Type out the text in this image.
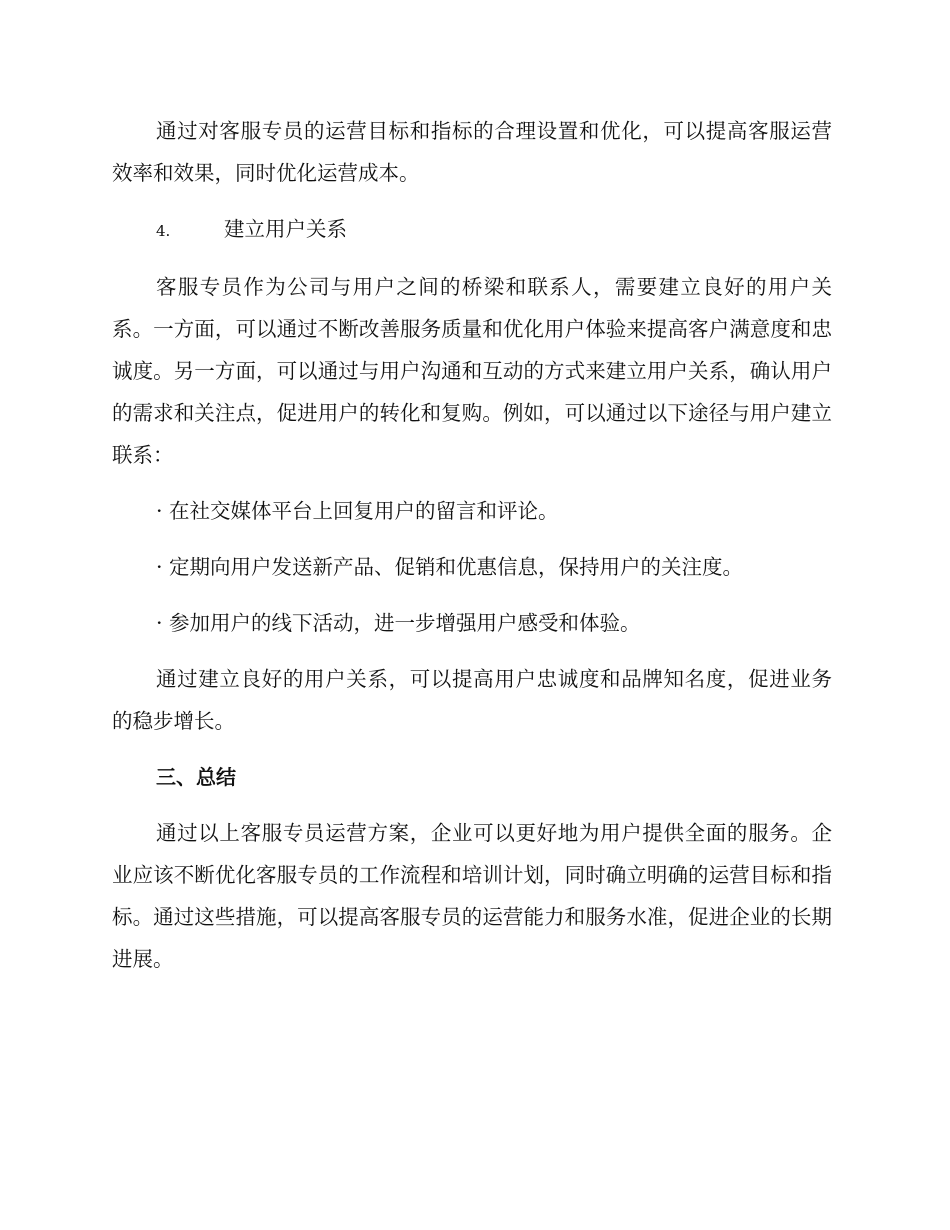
通过对客服专员的运营目标和指标的合理设置和优化，可以提高客服运营效率和效果，同时优化运营成本。

4.	建立用户关系

客服专员作为公司与用户之间的桥梁和联系人，需要建立良好的用户关系。一方面，可以通过不断改善服务质量和优化用户体验来提高客户满意度和忠诚度。另一方面，可以通过与用户沟通和互动的方式来建立用户关系，确认用户的需求和关注点，促进用户的转化和复购。例如，可以通过以下途径与用户建立联系：

· 在社交媒体平台上回复用户的留言和评论。

· 定期向用户发送新产品、促销和优惠信息，保持用户的关注度。

· 参加用户的线下活动，进一步增强用户感受和体验。

通过建立良好的用户关系，可以提高用户忠诚度和品牌知名度，促进业务的稳步增长。

三、总结

通过以上客服专员运营方案，企业可以更好地为用户提供全面的服务。企业应该不断优化客服专员的工作流程和培训计划，同时确立明确的运营目标和指标。通过这些措施，可以提高客服专员的运营能力和服务水准，促进企业的长期进展。
